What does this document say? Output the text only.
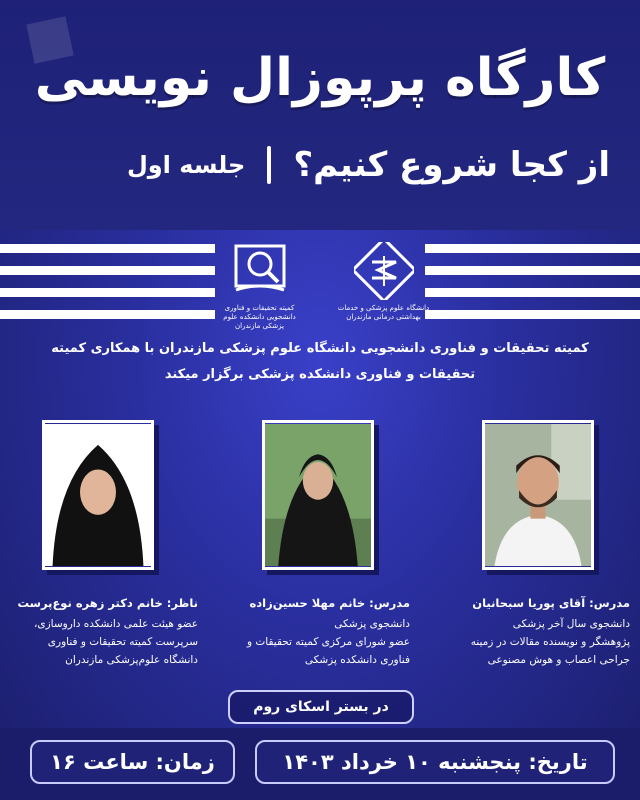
کارگاه پرپوزال نویسی
از کجا شروع کنیم؟
جلسه اول
کمیته تحقیقات و فناوری دانشجویی دانشکده علوم پزشکی مازندران
دانشگاه علوم پزشکی و خدمات بهداشتی درمانی مازندران
کمیته تحقیقات و فناوری دانشجویی دانشگاه علوم پزشکی مازندران با همکاری کمیته
تحقیقات و فناوری دانشکده پزشکی برگزار میکند
مدرس: آقای پوریا سبحانیان
دانشجوی سال آخر پزشکی
پژوهشگر و نویسنده مقالات در زمینه
جراحی اعصاب و هوش مصنوعی
مدرس: خانم مهلا حسین‌زاده
دانشجوی پزشکی
عضو شورای مرکزی کمیته تحقیقات و
فناوری دانشکده پزشکی
ناظر: خانم دکتر زهره نوع‌پرست
عضو هیئت علمی دانشکده داروسازی،
سرپرست کمیته تحقیقات و فناوری
دانشگاه علوم‌پزشکی مازندران
در بستر اسکای روم
تاریخ: پنجشنبه ۱۰ خرداد ۱۴۰۳
زمان: ساعت ۱۶
